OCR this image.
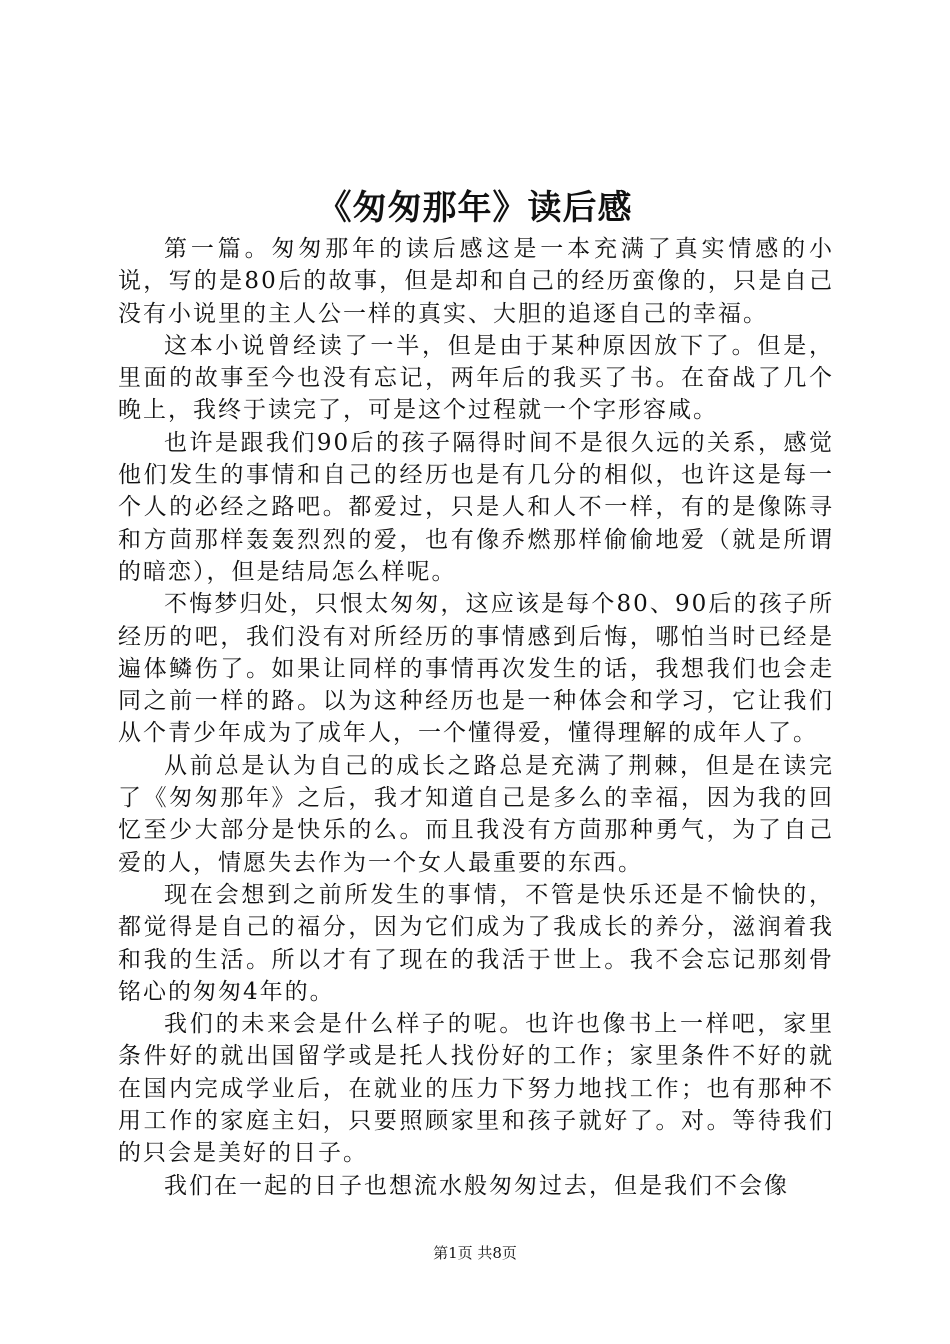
《匆匆那年》读后感

第一篇。匆匆那年的读后感这是一本充满了真实情感的小说，写的是80后的故事，但是却和自己的经历蛮像的，只是自己没有小说里的主人公一样的真实、大胆的追逐自己的幸福。

这本小说曾经读了一半，但是由于某种原因放下了。但是，里面的故事至今也没有忘记，两年后的我买了书。在奋战了几个晚上，我终于读完了，可是这个过程就一个字形容咸。

也许是跟我们90后的孩子隔得时间不是很久远的关系，感觉他们发生的事情和自己的经历也是有几分的相似，也许这是每一个人的必经之路吧。都爱过，只是人和人不一样，有的是像陈寻和方茴那样轰轰烈烈的爱，也有像乔燃那样偷偷地爱（就是所谓的暗恋），但是结局怎么样呢。

不悔梦归处，只恨太匆匆，这应该是每个80、90后的孩子所经历的吧，我们没有对所经历的事情感到后悔，哪怕当时已经是遍体鳞伤了。如果让同样的事情再次发生的话，我想我们也会走同之前一样的路。以为这种经历也是一种体会和学习，它让我们从个青少年成为了成年人，一个懂得爱，懂得理解的成年人了。

从前总是认为自己的成长之路总是充满了荆棘，但是在读完了《匆匆那年》之后，我才知道自己是多么的幸福，因为我的回忆至少大部分是快乐的么。而且我没有方茴那种勇气，为了自己爱的人，情愿失去作为一个女人最重要的东西。

现在会想到之前所发生的事情，不管是快乐还是不愉快的，都觉得是自己的福分，因为它们成为了我成长的养分，滋润着我和我的生活。所以才有了现在的我活于世上。我不会忘记那刻骨铭心的匆匆4年的。

我们的未来会是什么样子的呢。也许也像书上一样吧，家里条件好的就出国留学或是托人找份好的工作；家里条件不好的就在国内完成学业后，在就业的压力下努力地找工作；也有那种不用工作的家庭主妇，只要照顾家里和孩子就好了。对。等待我们的只会是美好的日子。

我们在一起的日子也想流水般匆匆过去，但是我们不会像

第1页 共8页
